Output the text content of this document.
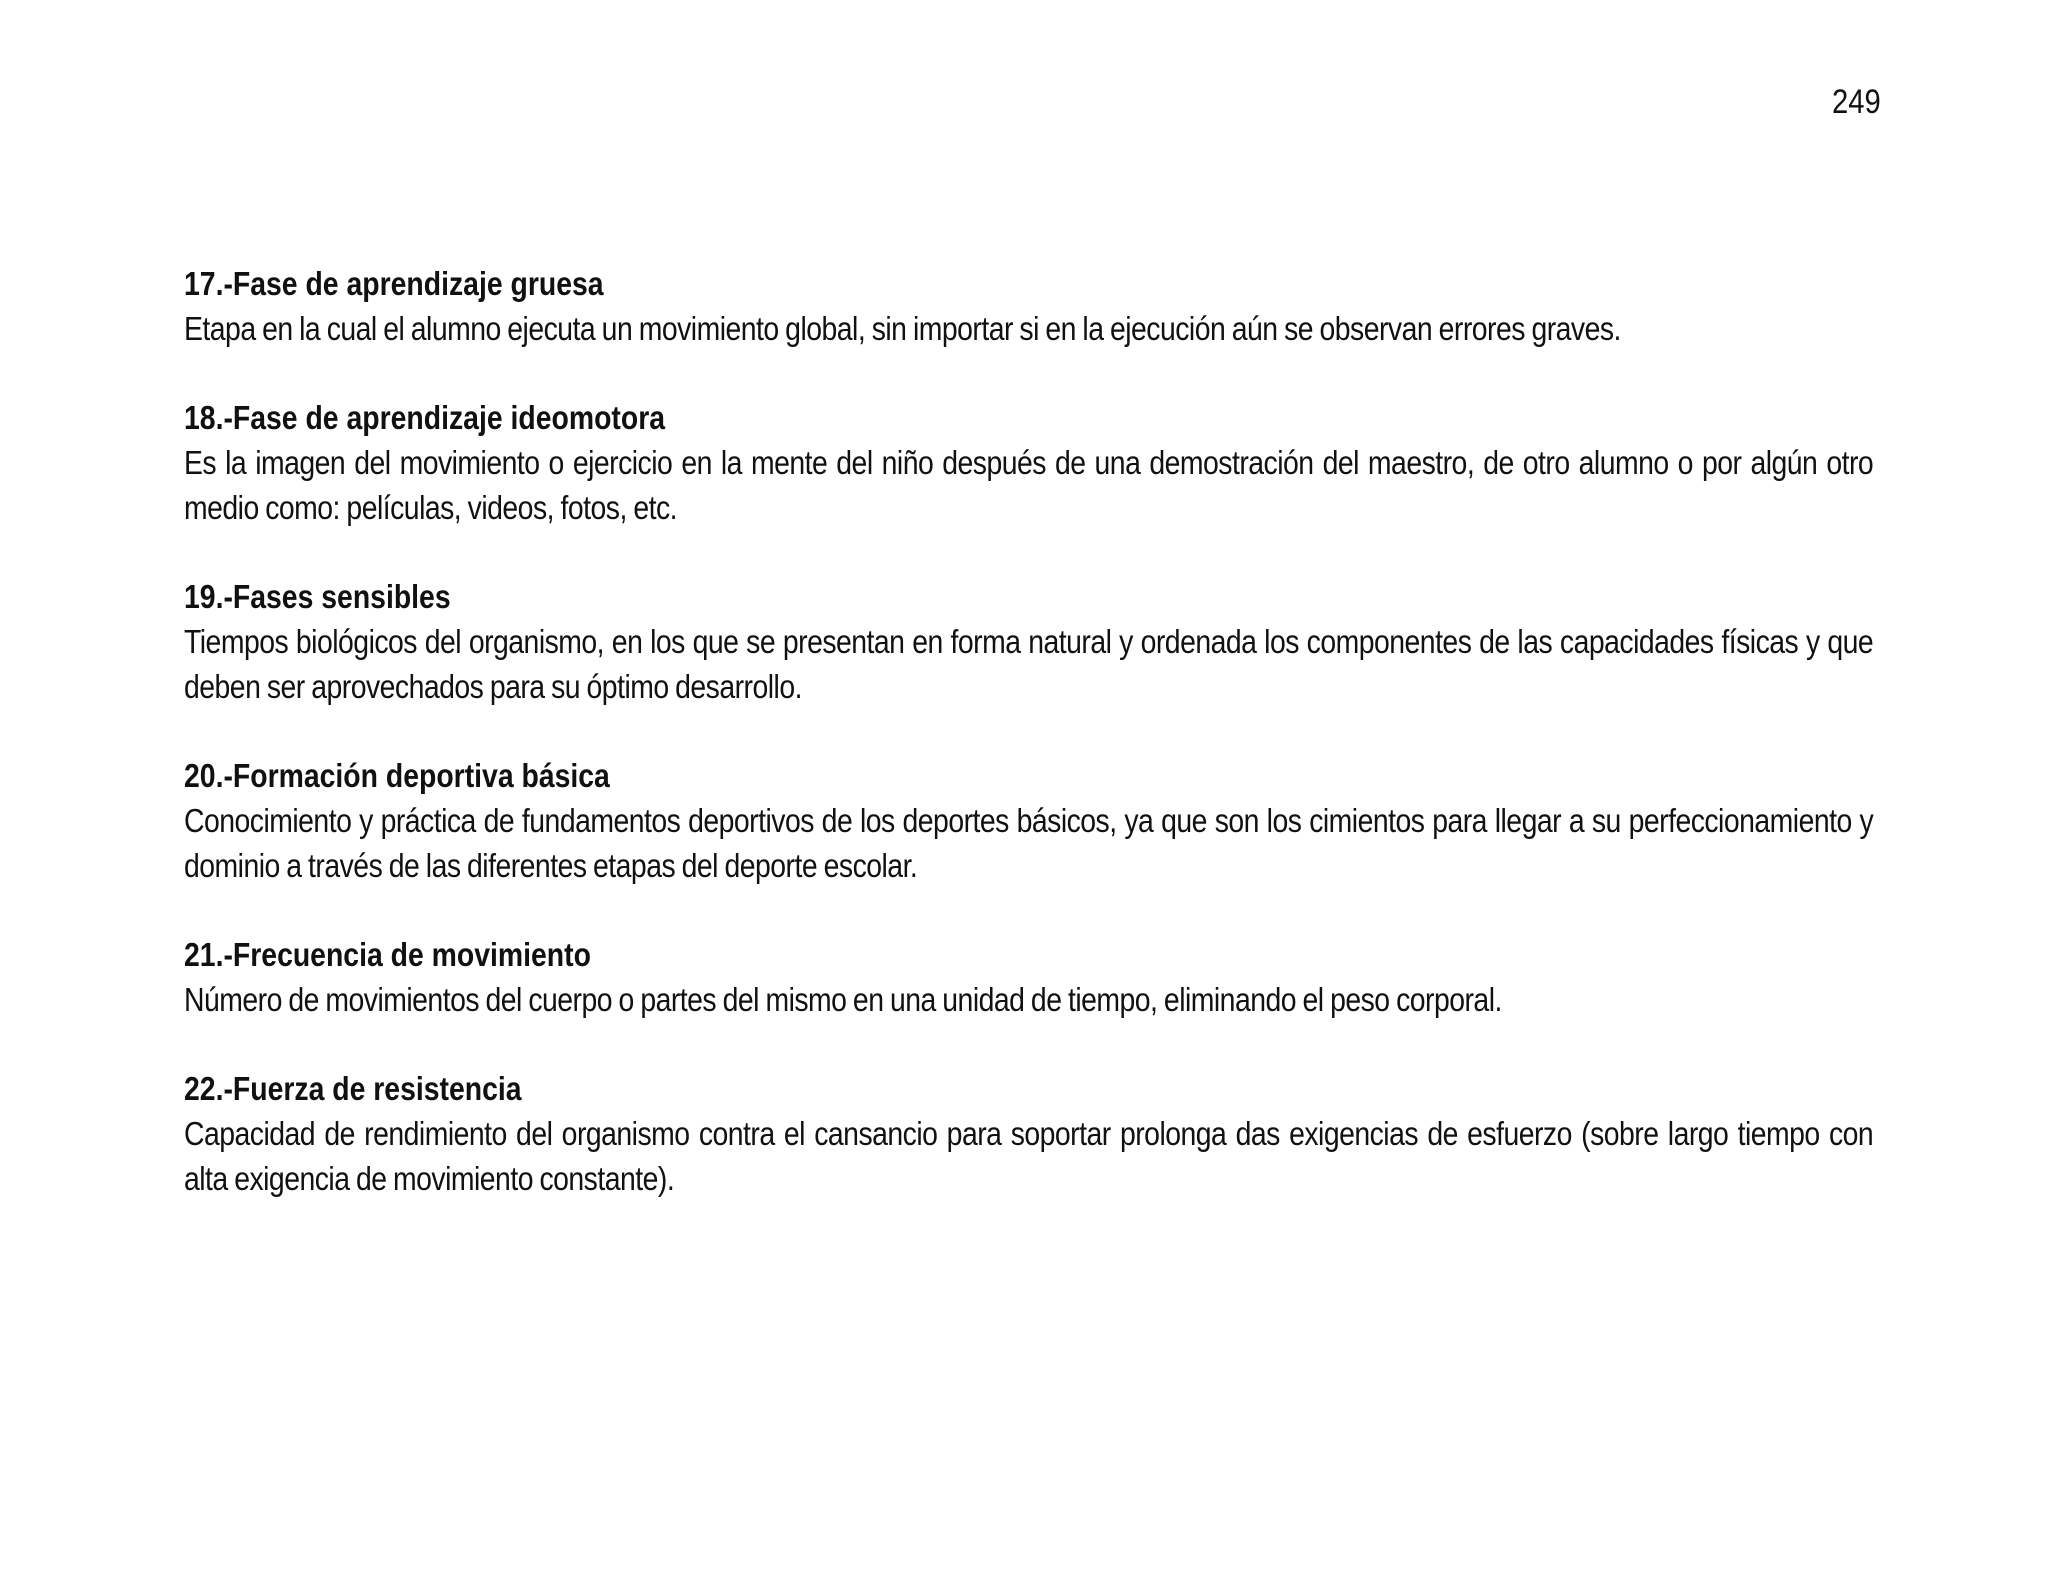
249
17.-Fase de aprendizaje gruesa

Etapa en la cual el alumno ejecuta un movimiento global, sin importar si en la ejecución aún se observan errores graves.

18.-Fase de aprendizaje ideomotora

Es la imagen del movimiento o ejercicio en la mente del niño después de una demostración del maestro, de otro alumno o por algún otro medio como: películas, videos, fotos, etc.

19.-Fases sensibles

Tiempos biológicos del organismo, en los que se presentan en forma natural y ordenada los componentes de las capacidades físicas y que deben ser aprovechados para su óptimo desarrollo.

20.-Formación deportiva básica

Conocimiento y práctica de fundamentos deportivos de los deportes básicos, ya que son los cimientos para llegar a su perfeccionamiento y dominio a través de las diferentes etapas del deporte escolar.

21.-Frecuencia de movimiento

Número de movimientos del cuerpo o partes del mismo en una unidad de tiempo, eliminando el peso corporal.

22.-Fuerza de resistencia

Capacidad de rendimiento del organismo contra el cansancio para soportar prolonga das exigencias de esfuerzo (sobre largo tiempo con alta exigencia de movimiento constante).
